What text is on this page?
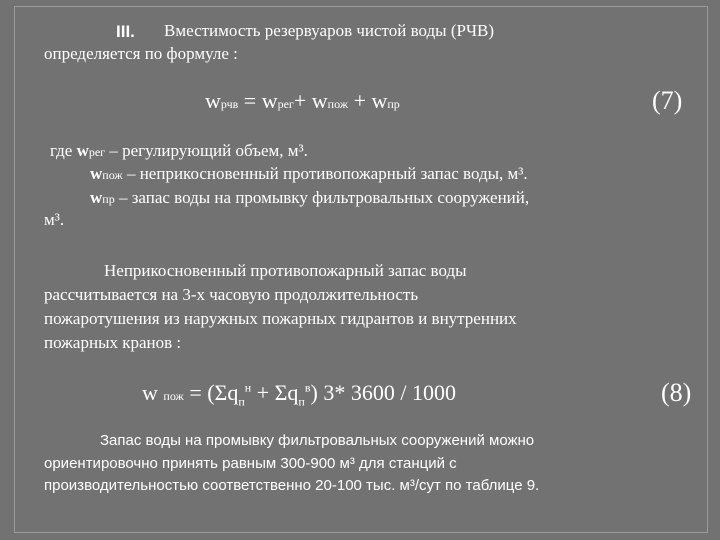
III. Вместимость резервуаров чистой воды (РЧВ)
определяется по формуле :
wрчв = wрег+ wпож + wпр	(7)
где wрег – регулирующий объем, м³.
wпож – неприкосновенный противопожарный запас воды, м³.
wпр – запас воды на промывку фильтровальных сооружений,
м³.
Неприкосновенный противопожарный запас воды
рассчитывается на 3-х часовую продолжительность
пожаротушения из наружных пожарных гидрантов и внутренних
пожарных кранов :
w пож = $(\Sigma q_п^н + \Sigma q_п^в)$ 3* 3600 / 1000	(8)
Запас воды на промывку фильтровальных сооружений можно
ориентировочно принять равным 300-900 м³ для станций с
производительностью соответственно 20-100 тыс. м³/сут по таблице 9.
